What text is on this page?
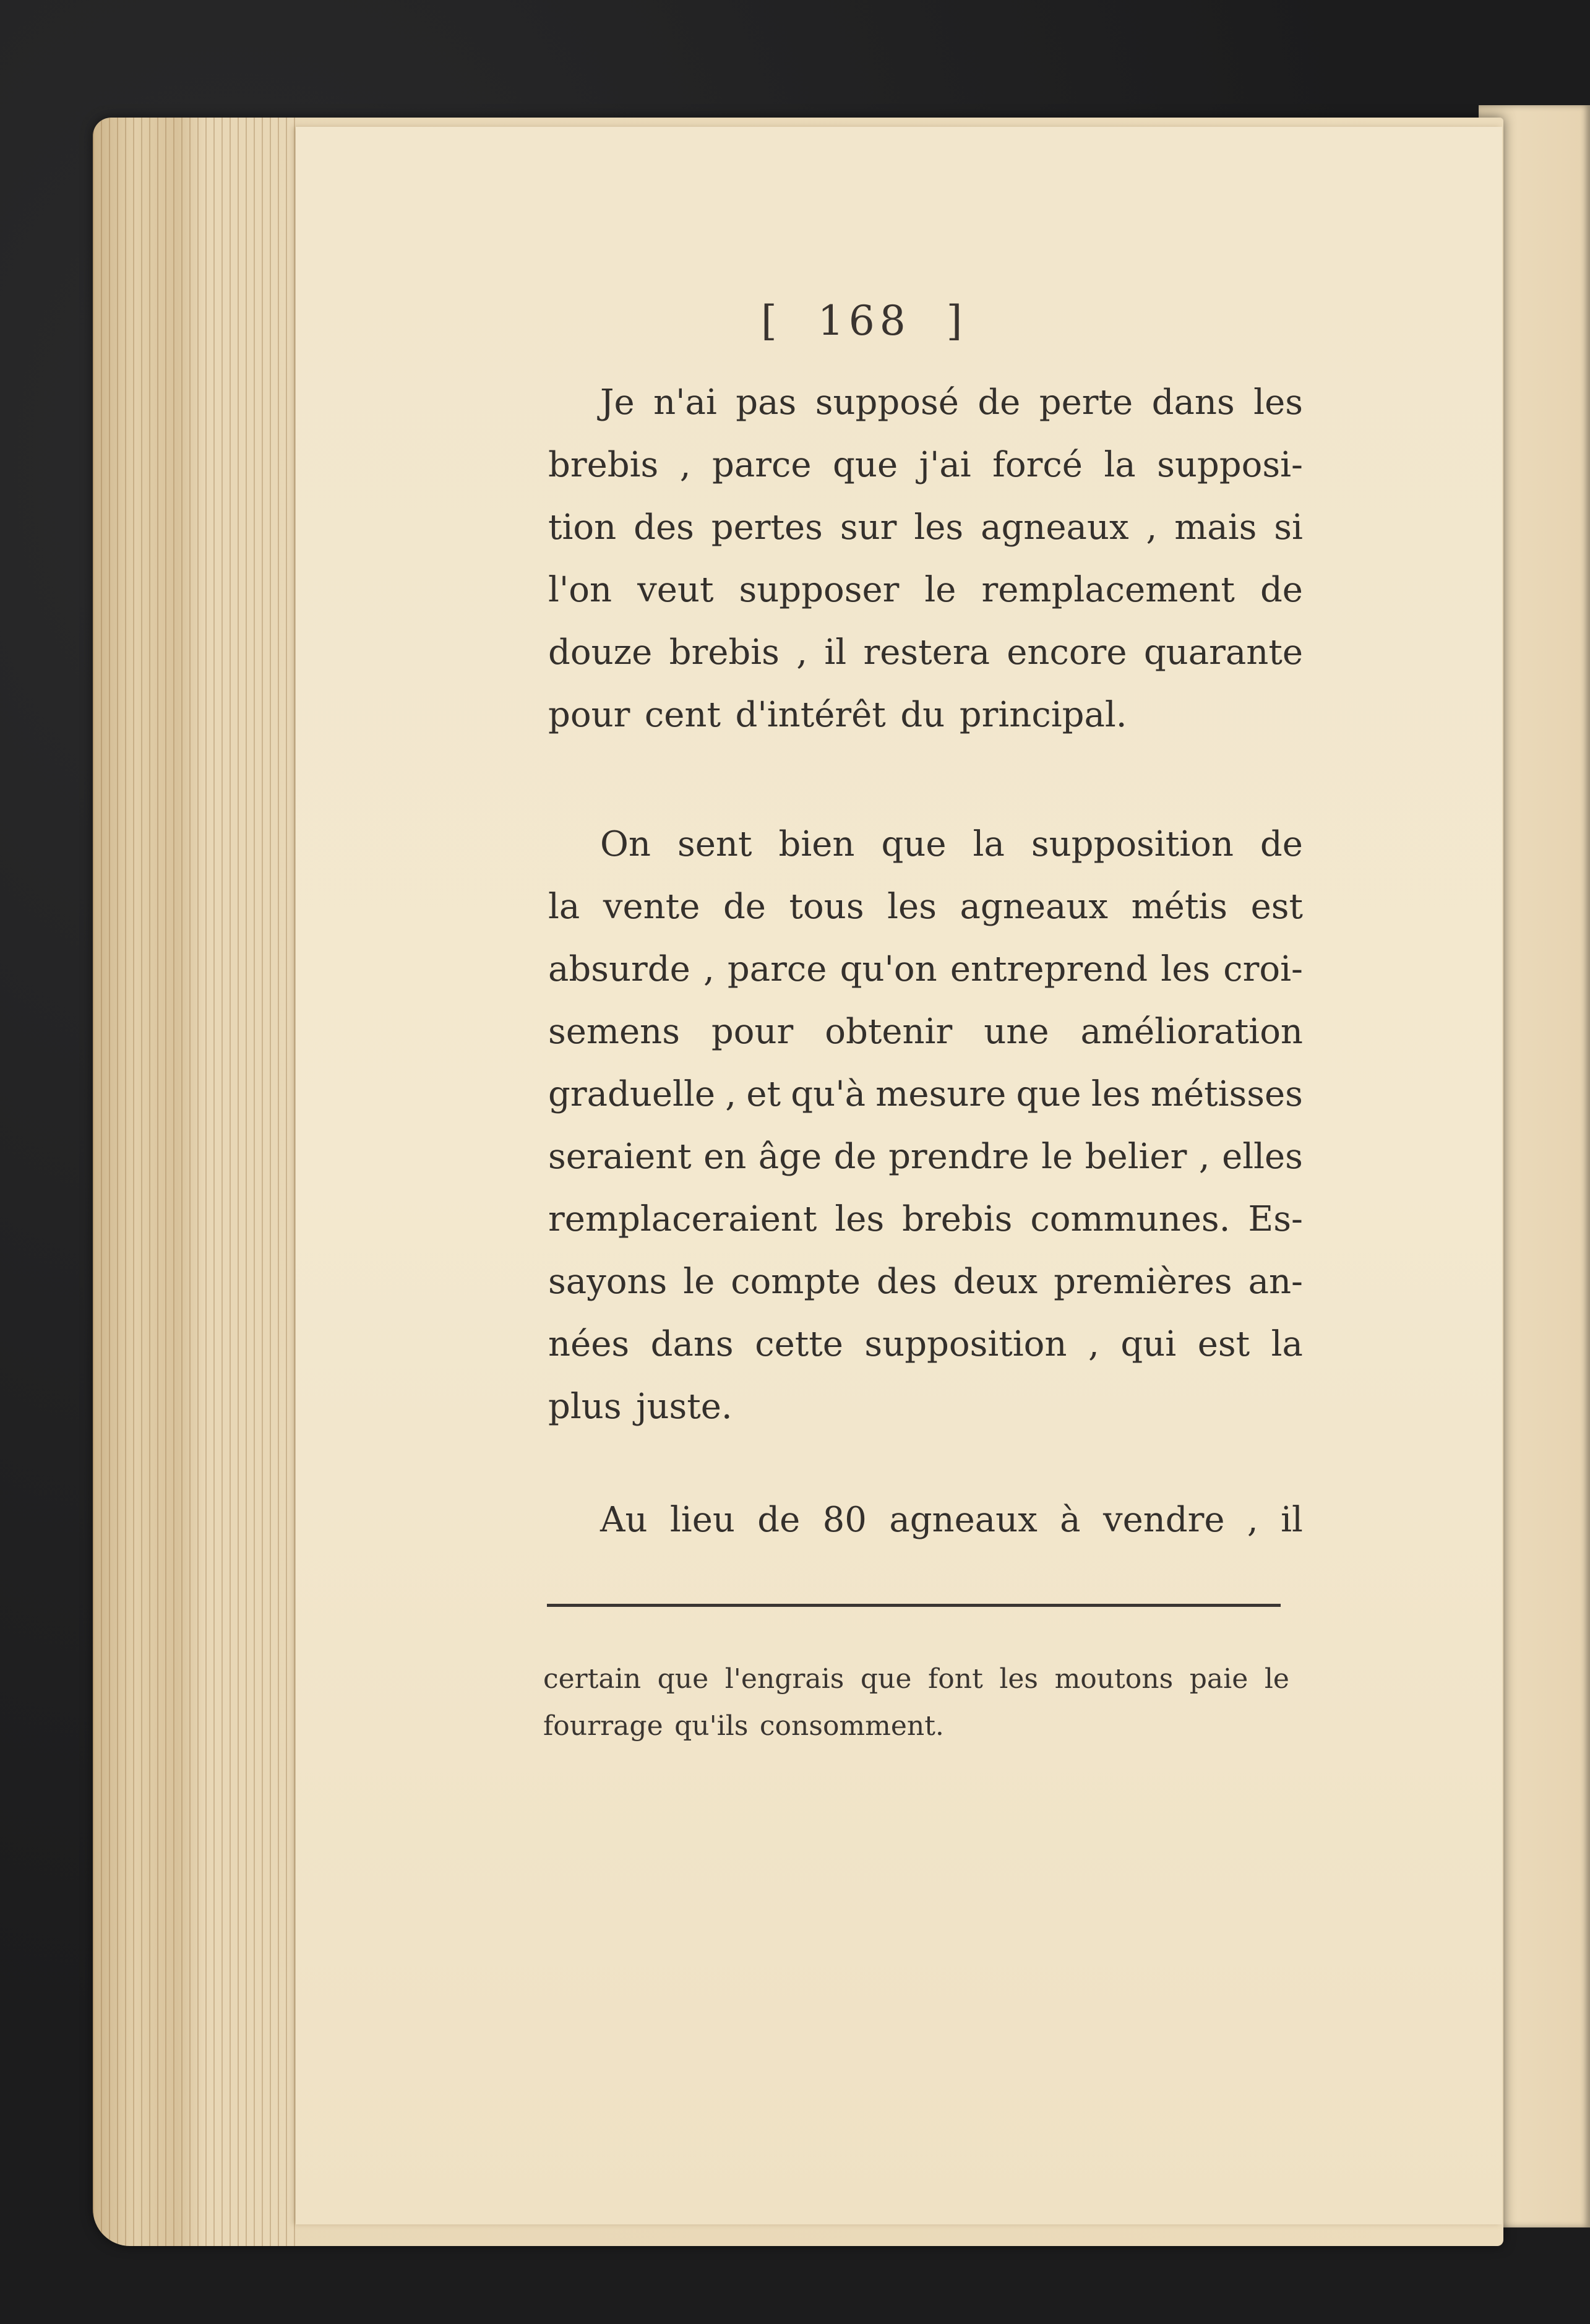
[  168  ]
Je n'ai pas supposé de perte dans les
brebis , parce que j'ai forcé la supposi-
tion des pertes sur les agneaux , mais si
l'on veut supposer le remplacement de
douze brebis , il restera encore quarante
pour cent d'intérêt du principal.
On sent bien que la supposition de
la vente de tous les agneaux métis est
absurde , parce qu'on entreprend les croi-
semens pour obtenir une amélioration
graduelle , et qu'à mesure que les métisses
seraient en âge de prendre le belier , elles
remplaceraient les brebis communes. Es-
sayons le compte des deux premières an-
nées dans cette supposition , qui est la
plus juste.
Au lieu de 80 agneaux à vendre , il
certain que l'engrais que font les moutons paie le
fourrage qu'ils consomment.
